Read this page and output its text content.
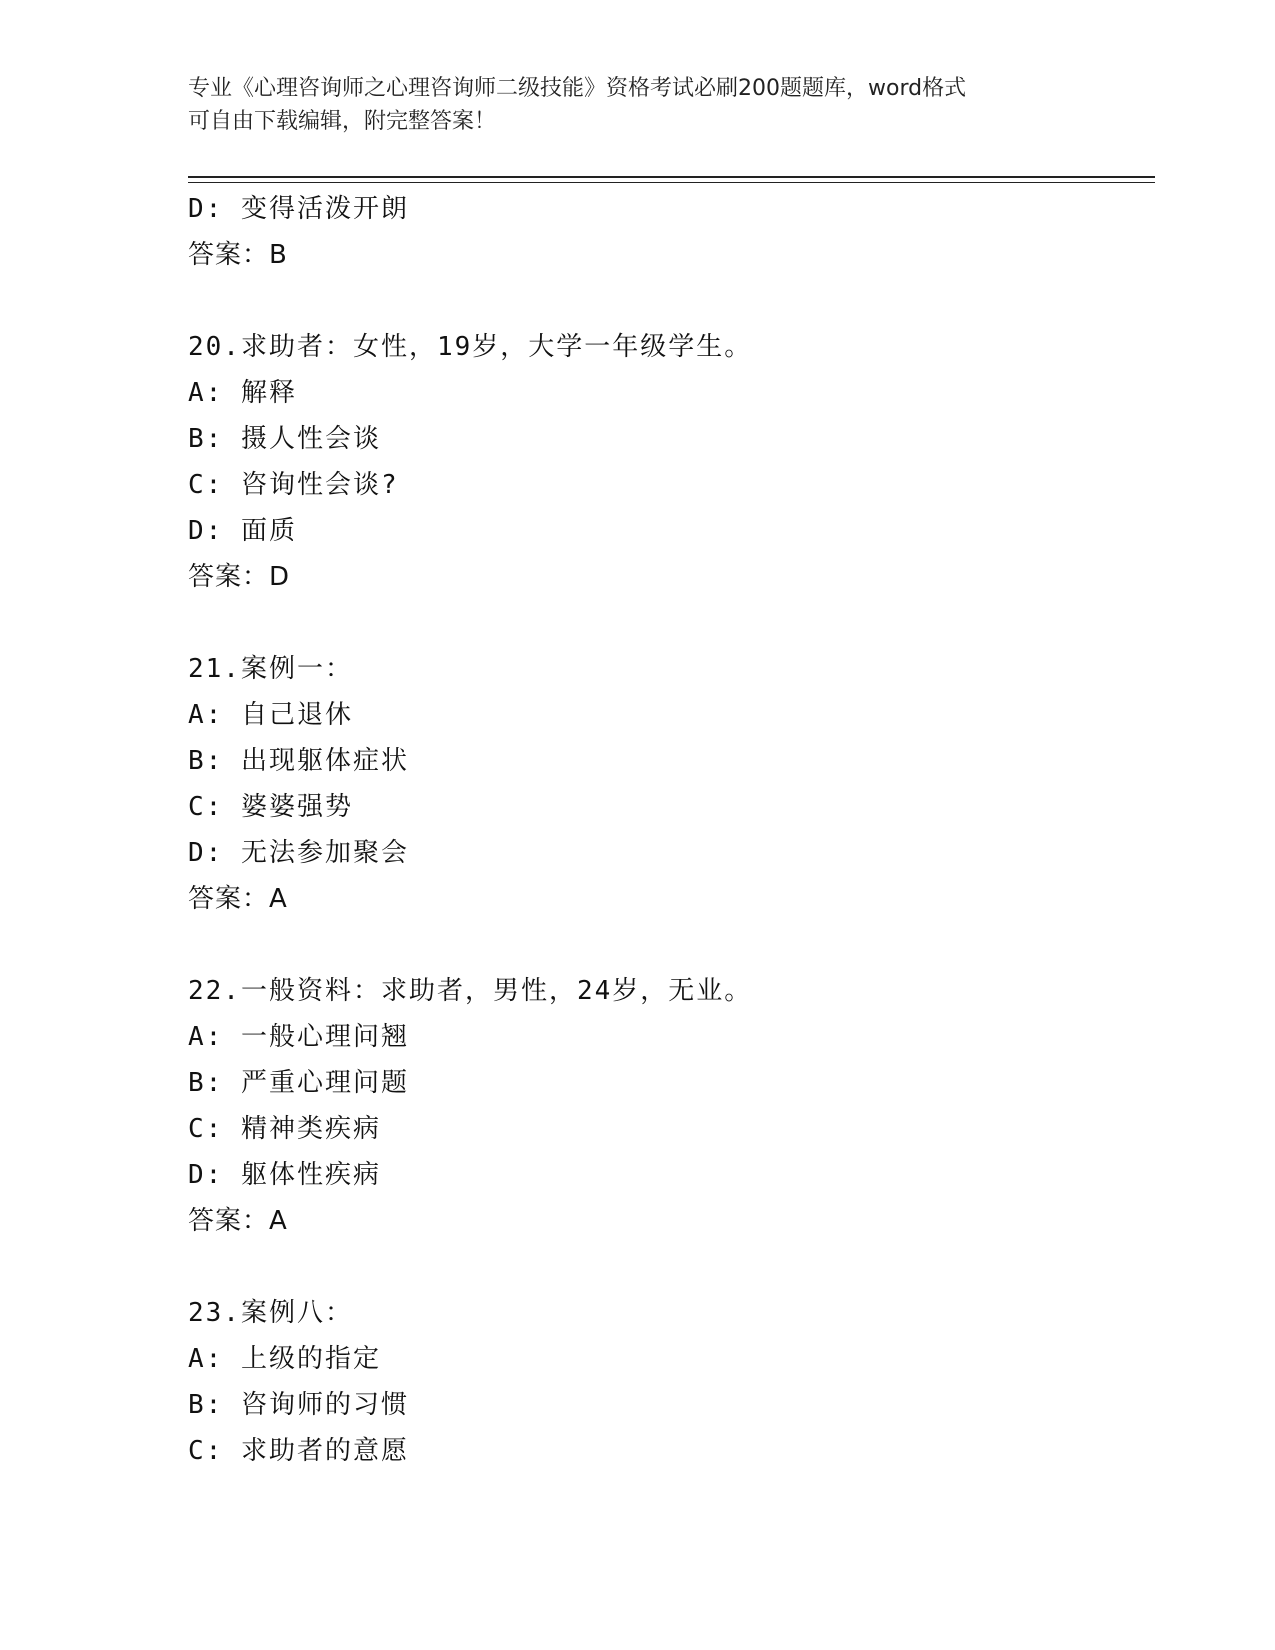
专业《心理咨询师之心理咨询师二级技能》资格考试必刷200题题库，word格式
可自由下载编辑，附完整答案！
D: 变得活泼开朗
答案：B
20.求助者：女性，19岁，大学一年级学生。
A: 解释
B: 摄人性会谈
C: 咨询性会谈?
D: 面质
答案：D
21.案例一：
A: 自己退休
B: 出现躯体症状
C: 婆婆强势
D: 无法参加聚会
答案：A
22.一般资料：求助者，男性，24岁，无业。
A: 一般心理问翘
B: 严重心理问题
C: 精神类疾病
D: 躯体性疾病
答案：A
23.案例八：
A: 上级的指定
B: 咨询师的习惯
C: 求助者的意愿
